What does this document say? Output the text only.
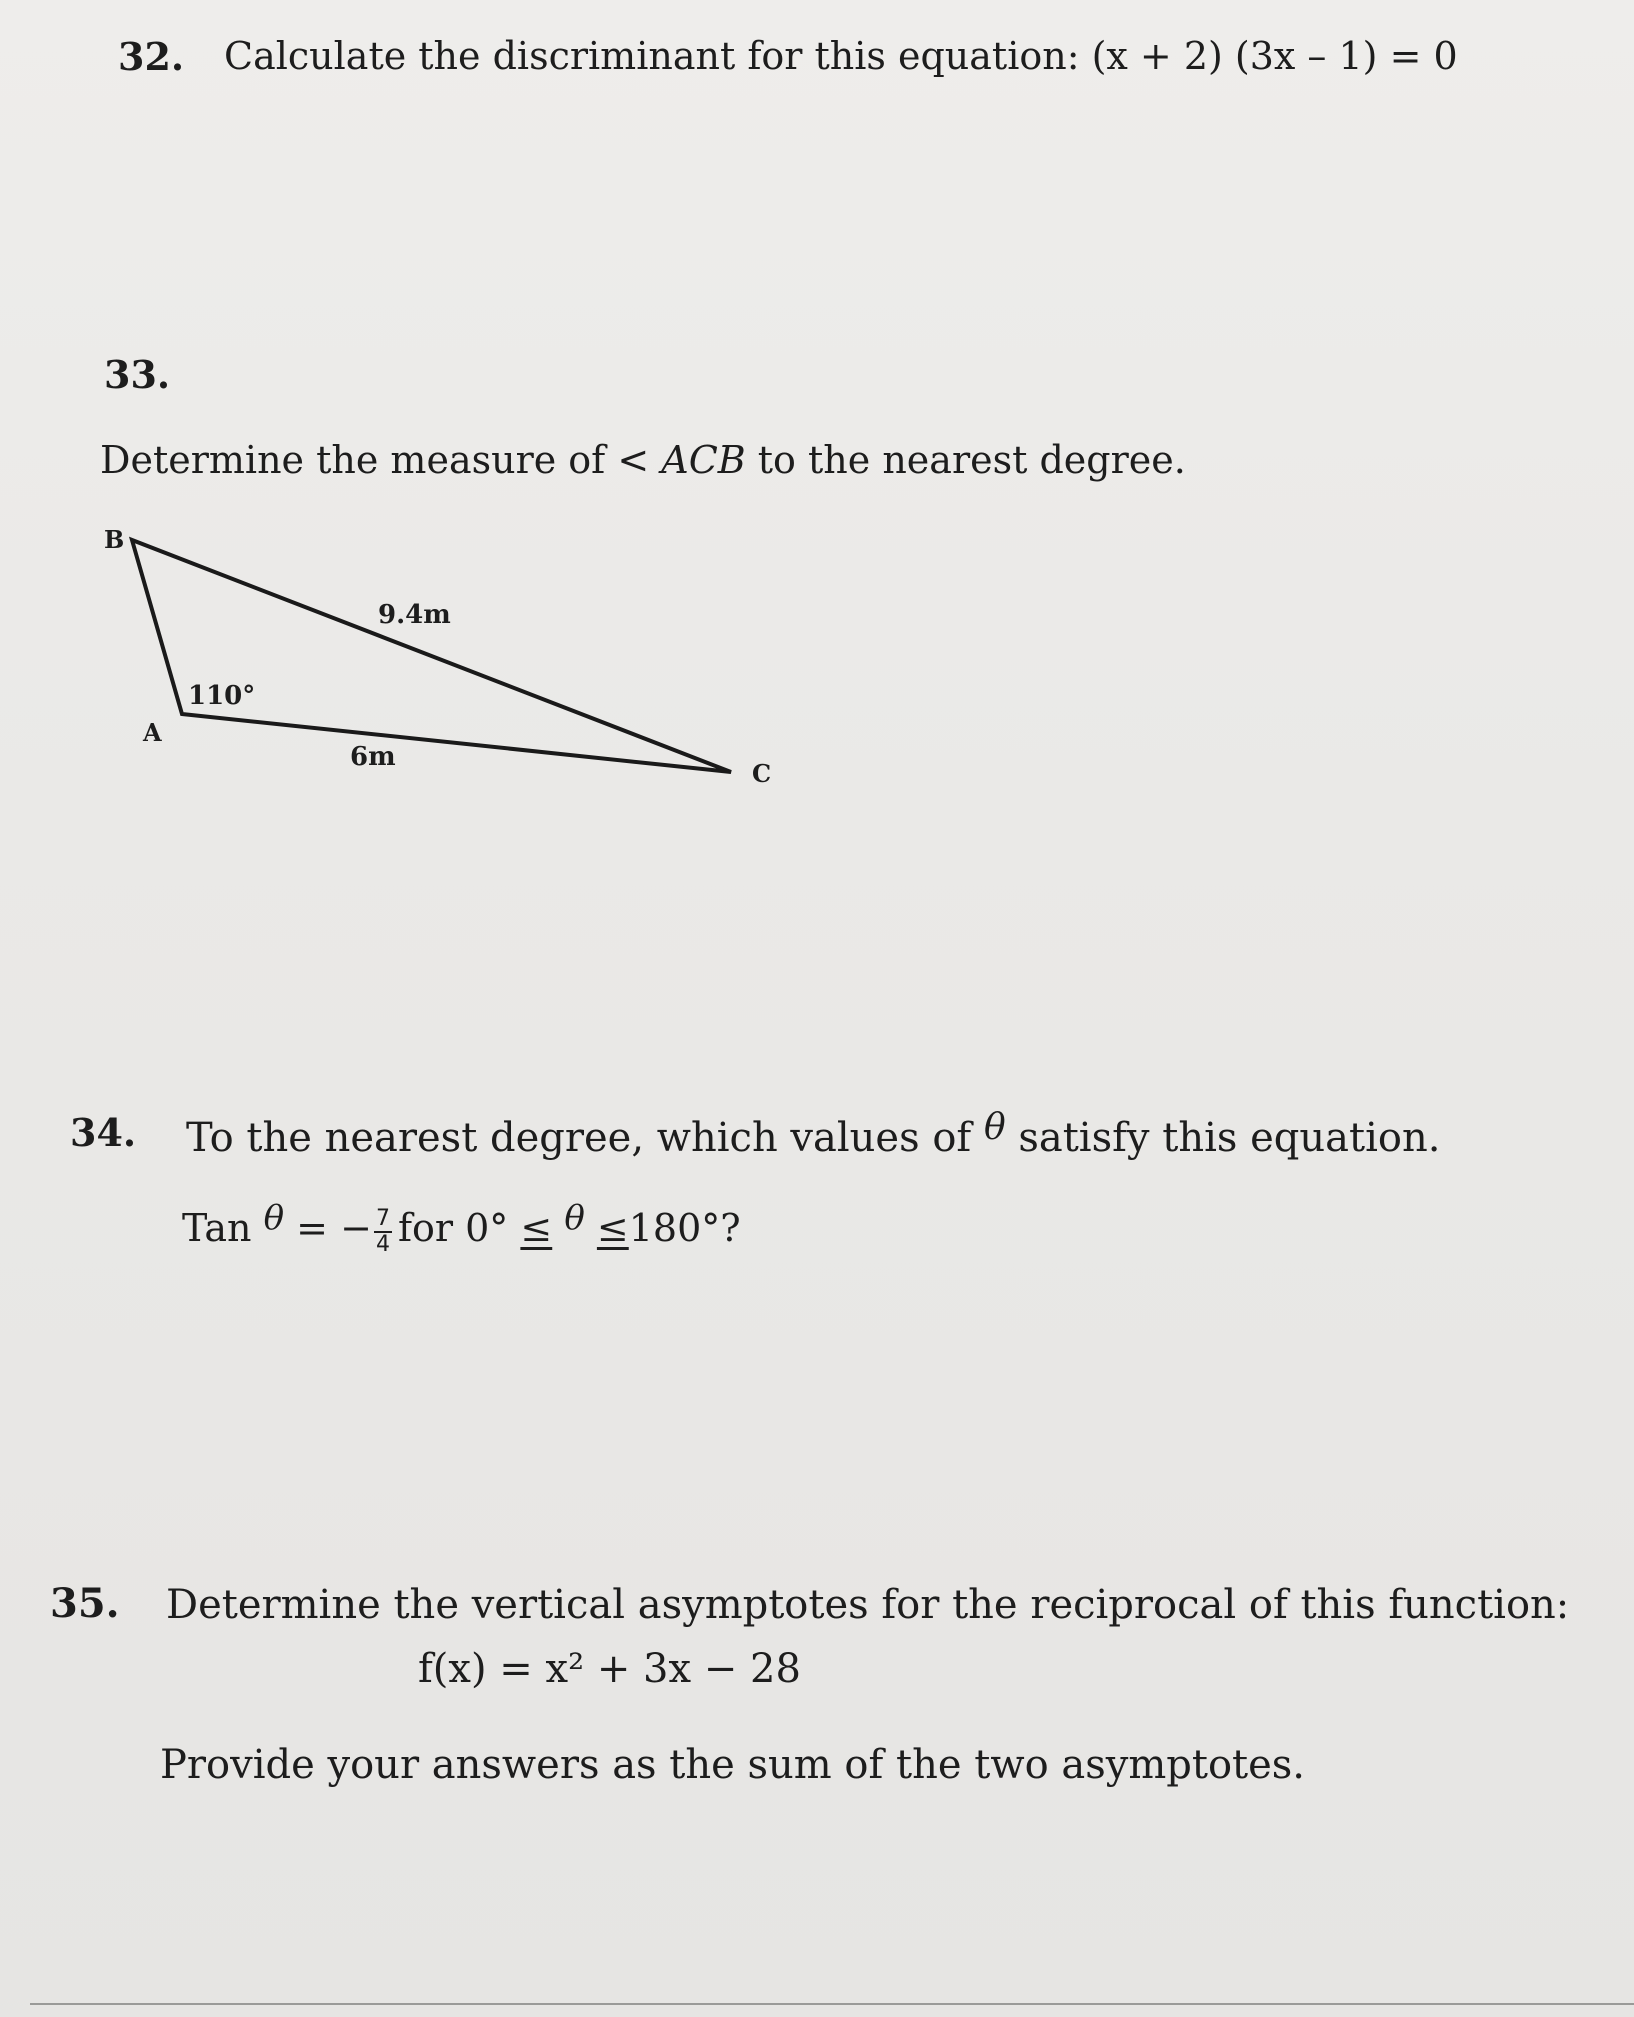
32. Calculate the discriminant for this equation: (x + 2) (3x – 1) = 0
33.
Determine the measure of < ACB to the nearest degree.
B
A
C
9.4m
6m
110°
34. To the nearest degree, which values of θ satisfy this equation.
Tan θ = − $\frac{7}{4}$ for 0° ≤ θ ≤180°?
35. Determine the vertical asymptotes for the reciprocal of this function:
f(x) = x² + 3x − 28
Provide your answers as the sum of the two asymptotes.
